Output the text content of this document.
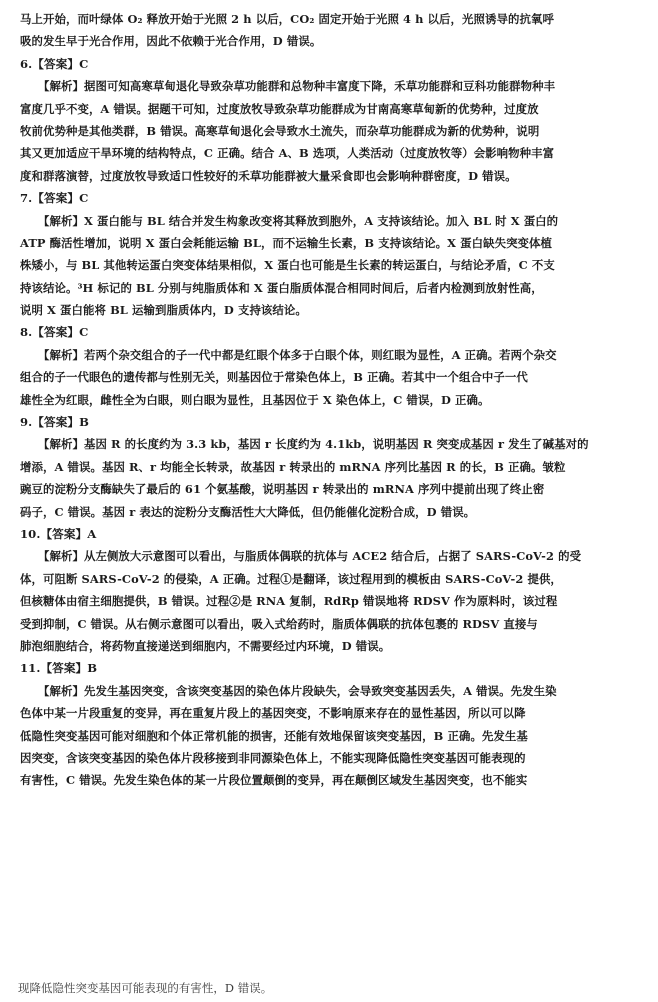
马上开始，而叶绿体 O₂ 释放开始于光照 2 h 以后，CO₂ 固定开始于光照 4 h 以后，光照诱导的抗氧呼
吸的发生早于光合作用，因此不依赖于光合作用，D 错误。
6.【答案】C
【解析】据图可知高寒草甸退化导致杂草功能群和总物种丰富度下降，禾草功能群和豆科功能群物种丰
富度几乎不变，A 错误。据题干可知，过度放牧导致杂草功能群成为甘南高寒草甸新的优势种，过度放
牧前优势种是其他类群，B 错误。高寒草甸退化会导致水土流失，而杂草功能群成为新的优势种，说明
其又更加适应干旱环境的结构特点，C 正确。结合 A、B 选项，人类活动（过度放牧等）会影响物种丰富
度和群落演替，过度放牧导致适口性较好的禾草功能群被大量采食即也会影响种群密度，D 错误。
7.【答案】C
【解析】X 蛋白能与 BL 结合并发生构象改变将其释放到胞外，A 支持该结论。加入 BL 时 X 蛋白的
ATP 酶活性增加，说明 X 蛋白会耗能运输 BL，而不运输生长素，B 支持该结论。X 蛋白缺失突变体植
株矮小，与 BL 其他转运蛋白突变体结果相似，X 蛋白也可能是生长素的转运蛋白，与结论矛盾，C 不支
持该结论。³H 标记的 BL 分别与纯脂质体和 X 蛋白脂质体混合相同时间后，后者内检测到放射性高，
说明 X 蛋白能将 BL 运输到脂质体内，D 支持该结论。
8.【答案】C
【解析】若两个杂交组合的子一代中都是红眼个体多于白眼个体，则红眼为显性，A 正确。若两个杂交
组合的子一代眼色的遗传都与性别无关，则基因位于常染色体上，B 正确。若其中一个组合中子一代
雄性全为红眼，雌性全为白眼，则白眼为显性，且基因位于 X 染色体上，C 错误，D 正确。
9.【答案】B
【解析】基因 R 的长度约为 3.3 kb，基因 r 长度约为 4.1kb，说明基因 R 突变成基因 r 发生了碱基对的
增添，A 错误。基因 R、r 均能全长转录，故基因 r 转录出的 mRNA 序列比基因 R 的长，B 正确。皱粒
豌豆的淀粉分支酶缺失了最后的 61 个氨基酸，说明基因 r 转录出的 mRNA 序列中提前出现了终止密
码子，C 错误。基因 r 表达的淀粉分支酶活性大大降低，但仍能催化淀粉合成，D 错误。
10.【答案】A
【解析】从左侧放大示意图可以看出，与脂质体偶联的抗体与 ACE2 结合后，占据了 SARS-CoV-2 的受
体，可阻断 SARS-CoV-2 的侵染，A 正确。过程①是翻译，该过程用到的模板由 SARS-CoV-2 提供，
但核糖体由宿主细胞提供，B 错误。过程②是 RNA 复制，RdRp 错误地将 RDSV 作为原料时，该过程
受到抑制，C 错误。从右侧示意图可以看出，吸入式给药时，脂质体偶联的抗体包裹的 RDSV 直接与
肺泡细胞结合，将药物直接递送到细胞内，不需要经过内环境，D 错误。
11.【答案】B
【解析】先发生基因突变，含该突变基因的染色体片段缺失，会导致突变基因丢失，A 错误。先发生染
色体中某一片段重复的变异，再在重复片段上的基因突变，不影响原来存在的显性基因，所以可以降
低隐性突变基因可能对细胞和个体正常机能的损害，还能有效地保留该突变基因，B 正确。先发生基
因突变，含该突变基因的染色体片段移接到非同源染色体上，不能实现降低隐性突变基因可能表现的
有害性，C 错误。先发生染色体的某一片段位置颠倒的变异，再在颠倒区域发生基因突变，也不能实
现降低隐性突变基因可能表现的有害性，D 错误。
